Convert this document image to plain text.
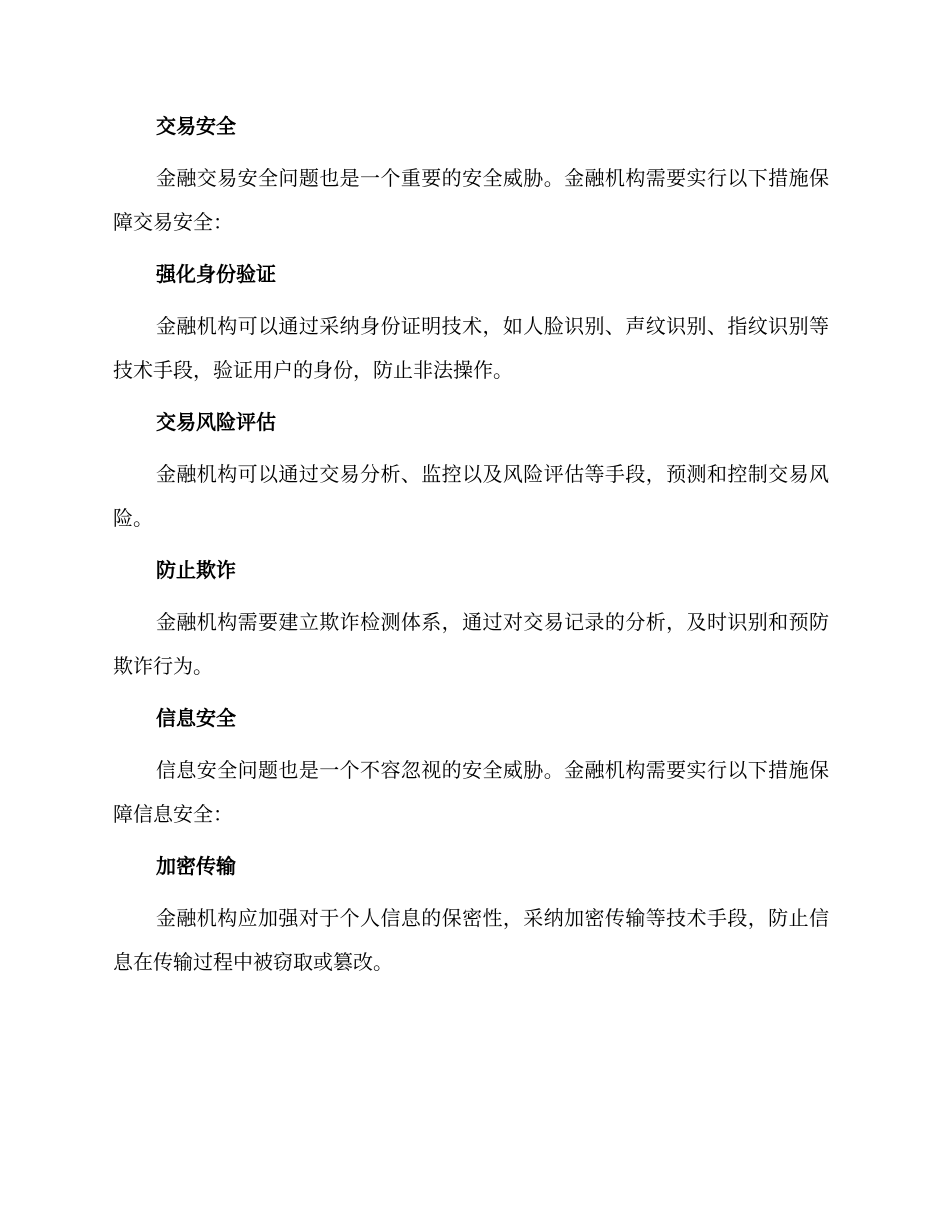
交易安全

金融交易安全问题也是一个重要的安全威胁。金融机构需要实行以下措施保障交易安全：

强化身份验证

金融机构可以通过采纳身份证明技术，如人脸识别、声纹识别、指纹识别等技术手段，验证用户的身份，防止非法操作。

交易风险评估

金融机构可以通过交易分析、监控以及风险评估等手段，预测和控制交易风险。

防止欺诈

金融机构需要建立欺诈检测体系，通过对交易记录的分析，及时识别和预防欺诈行为。

信息安全

信息安全问题也是一个不容忽视的安全威胁。金融机构需要实行以下措施保障信息安全：

加密传输

金融机构应加强对于个人信息的保密性，采纳加密传输等技术手段，防止信息在传输过程中被窃取或篡改。
